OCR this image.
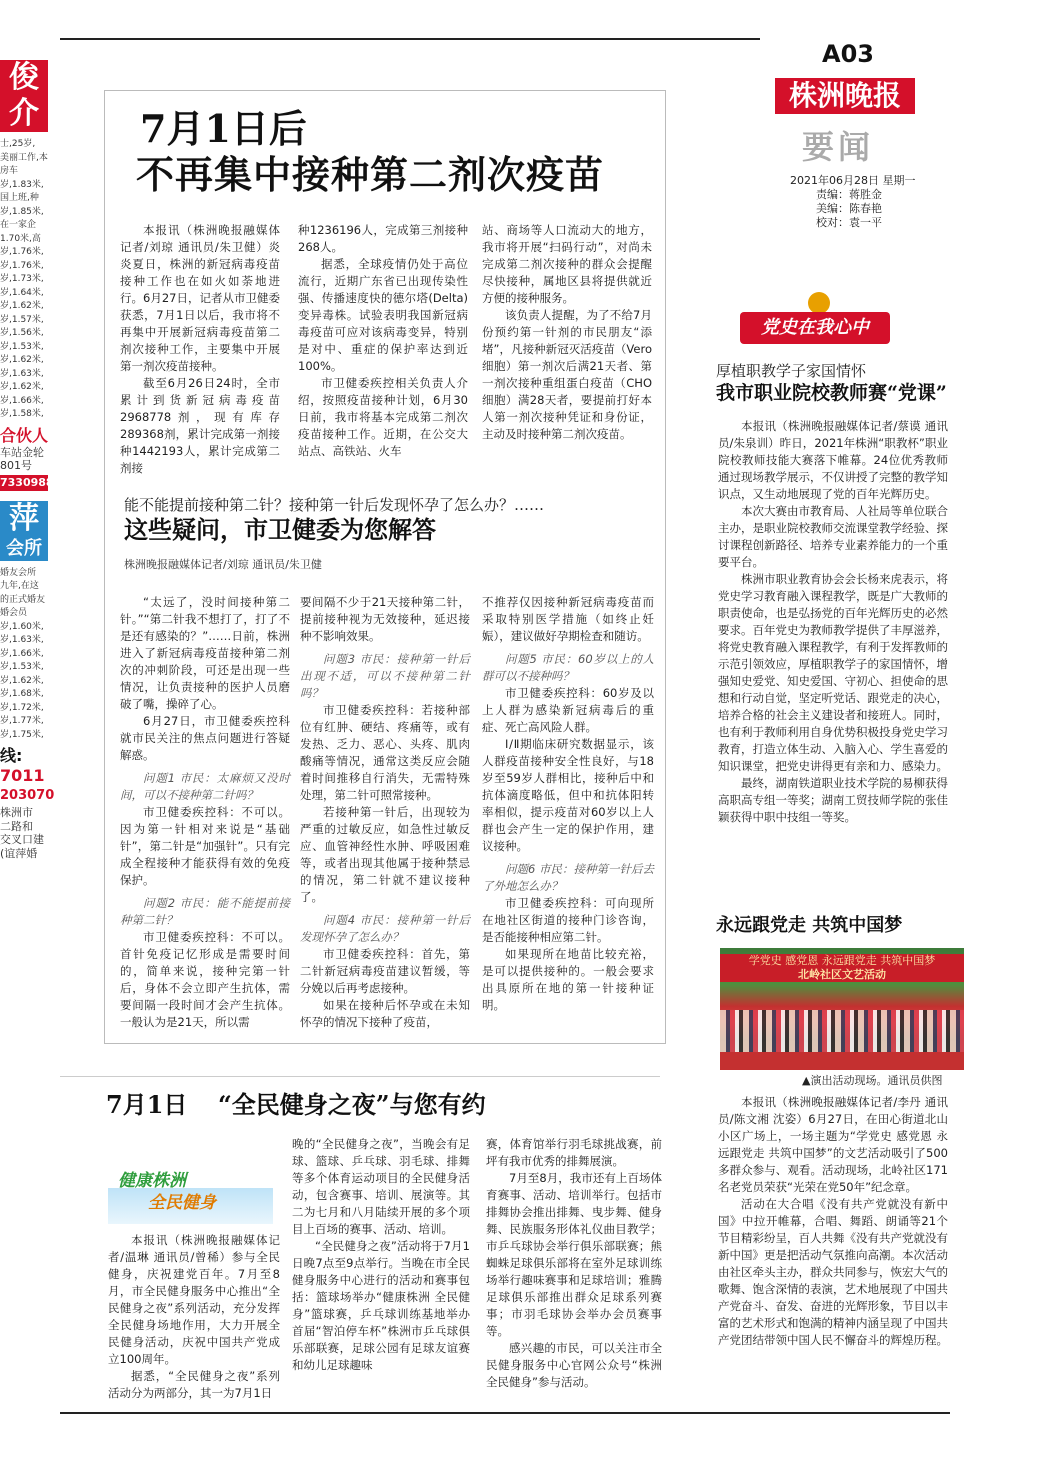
俊
介
士,25岁,
美丽工作,本
房车
岁,1.83米,
国上班,种
岁,1.85米,
在一家企
1.70米,高
岁,1.76米,
岁,1.76米,
岁,1.73米,
岁,1.64米,
岁,1.62米,
岁,1.57米,
岁,1.56米,
岁,1.53米,
岁,1.62米,
岁,1.63米,
岁,1.62米,
岁,1.66米,
岁,1.58米,
合伙人
车站金轮
801号
73309882
萍
会所
婚友会所
九年,在这
的正式婚友
婚会员
岁,1.60米,
岁,1.63米,
岁,1.66米,
岁,1.53米,
岁,1.62米,
岁,1.68米,
岁,1.72米,
岁,1.77米,
岁,1.75米,
线:
7011
203070
株洲市
二路和
交叉口建
(谊萍婚
A03
株洲晚报
要闻
2021年06月28日 星期一
责编：蒋胜金
美编：陈春艳
校对：袁一平
7月1日后
不再集中接种第二剂次疫苗

本报讯（株洲晚报融媒体记者/刘琼 通讯员/朱卫健）炎炎夏日，株洲的新冠病毒疫苗接种工作也在如火如荼地进行。6月27日，记者从市卫健委获悉，7月1日以后，我市将不再集中开展新冠病毒疫苗第二剂次接种工作，主要集中开展第一剂次疫苗接种。

截至6月26日24时，全市累计到货新冠病毒疫苗2968778剂，现有库存289368剂，累计完成第一剂接种1442193人，累计完成第二剂接

种1236196人，完成第三剂接种268人。

据悉，全球疫情仍处于高位流行，近期广东省已出现传染性强、传播速度快的德尔塔(Delta)变异毒株。试验表明我国新冠病毒疫苗可应对该病毒变异，特别是对中、重症的保护率达到近100%。

市卫健委疾控相关负责人介绍，按照疫苗接种计划，6月30日前，我市将基本完成第二剂次疫苗接种工作。近期，在公交大站点、高铁站、火车

站、商场等人口流动大的地方，我市将开展“扫码行动”，对尚未完成第二剂次接种的群众会提醒尽快接种，属地区县将提供就近方便的接种服务。

该负责人提醒，为了不给7月份预约第一针剂的市民朋友“添堵”，凡接种新冠灭活疫苗（Vero细胞）第一剂次后满21天者、第一剂次接种重组蛋白疫苗（CHO细胞）满28天者，要提前打好本人第一剂次接种凭证和身份证，主动及时接种第二剂次疫苗。

能不能提前接种第二针？接种第一针后发现怀孕了怎么办？……
这些疑问，市卫健委为您解答
株洲晚报融媒体记者/刘琼 通讯员/朱卫健

“太远了，没时间接种第二针。”“第二针我不想打了，打了不是还有感染的？”……日前，株洲进入了新冠病毒疫苗接种第二剂次的冲刺阶段，可还是出现一些情况，让负责接种的医护人员磨破了嘴，操碎了心。

6月27日，市卫健委疾控科就市民关注的焦点问题进行答疑解惑。

问题1 市民：太麻烦又没时间，可以不接种第二针吗？

市卫健委疾控科：不可以。因为第一针相对来说是“基础针”，第二针是“加强针”。只有完成全程接种才能获得有效的免疫保护。

问题2 市民：能不能提前接种第二针？

市卫健委疾控科：不可以。首针免疫记忆形成是需要时间的，简单来说，接种完第一针后，身体不会立即产生抗体，需要间隔一段时间才会产生抗体。一般认为是21天，所以需

要间隔不少于21天接种第二针，提前接种视为无效接种，延迟接种不影响效果。

问题3 市民：接种第一针后出现不适，可以不接种第二针吗？

市卫健委疾控科：若接种部位有红肿、硬结、疼痛等，或有发热、乏力、恶心、头疼、肌肉酸痛等情况，通常这类反应会随着时间推移自行消失，无需特殊处理，第二针可照常接种。

若接种第一针后，出现较为严重的过敏反应，如急性过敏反应、血管神经性水肿、呼吸困难等，或者出现其他属于接种禁忌的情况，第二针就不建议接种了。

问题4 市民：接种第一针后发现怀孕了怎么办？

市卫健委疾控科：首先，第二针新冠病毒疫苗建议暂缓，等分娩以后再考虑接种。

如果在接种后怀孕或在未知怀孕的情况下接种了疫苗，

不推荐仅因接种新冠病毒疫苗而采取特别医学措施（如终止妊娠），建议做好孕期检查和随访。

问题5 市民：60岁以上的人群可以不接种吗？

市卫健委疾控科：60岁及以上人群为感染新冠病毒后的重症、死亡高风险人群。

Ⅰ/Ⅱ期临床研究数据显示，该人群疫苗接种安全性良好，与18岁至59岁人群相比，接种后中和抗体滴度略低，但中和抗体阳转率相似，提示疫苗对60岁以上人群也会产生一定的保护作用，建议接种。

问题6 市民：接种第一针后去了外地怎么办？

市卫健委疾控科：可向现所在地社区街道的接种门诊咨询，是否能接种相应第二针。

如果现所在地苗比较充裕，是可以提供接种的。一般会要求出具原所在地的第一针接种证明。

党史在我心中
厚植职教学子家国情怀
我市职业院校教师赛“党课”

本报讯（株洲晚报融媒体记者/蔡谟 通讯员/朱泉训）昨日，2021年株洲“职教杯”职业院校教师技能大赛落下帷幕。24位优秀教师通过现场教学展示，不仅讲授了完整的教学知识点，又生动地展现了党的百年光辉历史。

本次大赛由市教育局、人社局等单位联合主办，是职业院校教师交流课堂教学经验、探讨课程创新路径、培养专业素养能力的一个重要平台。

株洲市职业教育协会会长杨来虎表示，将党史学习教育融入课程教学，既是广大教师的职责使命，也是弘扬党的百年光辉历史的必然要求。百年党史为教师教学提供了丰厚滋养，将党史教育融入课程教学，有利于发挥教师的示范引领效应，厚植职教学子的家国情怀，增强知史爱党、知史爱国、守初心、担使命的思想和行动自觉，坚定听党话、跟党走的决心，培养合格的社会主义建设者和接班人。同时，也有利于教师利用自身优势积极投身党史学习教育，打造立体生动、入脑入心、学生喜爱的知识课堂，把党史讲得更有亲和力、感染力。

最终，湖南铁道职业技术学院的易柳获得高职高专组一等奖；湖南工贸技师学院的张佳颖获得中职中技组一等奖。

永远跟党走 共筑中国梦
学党史 感党恩 永远跟党走 共筑中国梦
北岭社区文艺活动
▲演出活动现场。通讯员供图

本报讯（株洲晚报融媒体记者/李丹 通讯员/陈文湘 沈姿）6月27日，在田心街道北山小区广场上，一场主题为“学党史 感党恩 永远跟党走 共筑中国梦”的文艺活动吸引了500多群众参与、观看。活动现场，北岭社区171名老党员荣获“光荣在党50年”纪念章。

活动在大合唱《没有共产党就没有新中国》中拉开帷幕，合唱、舞蹈、朗诵等21个节目精彩纷呈，百人共舞《没有共产党就没有新中国》更是把活动气氛推向高潮。本次活动由社区牵头主办，群众共同参与，恢宏大气的歌舞、饱含深情的表演，艺术地展现了中国共产党奋斗、奋发、奋进的光辉形象，节目以丰富的艺术形式和饱满的精神内涵呈现了中国共产党团结带领中国人民不懈奋斗的辉煌历程。

7月1日 “全民健身之夜”与您有约
健康株洲
全民健身

本报讯（株洲晚报融媒体记者/温琳 通讯员/曾稀）参与全民健身，庆祝建党百年。7月至8月，市全民健身服务中心推出“全民健身之夜”系列活动，充分发挥全民健身场地作用，大力开展全民健身活动，庆祝中国共产党成立100周年。

据悉，“全民健身之夜”系列活动分为两部分，其一为7月1日

晚的“全民健身之夜”，当晚会有足球、篮球、乒乓球、羽毛球、排舞等多个体育运动项目的全民健身活动，包含赛事、培训、展演等。其二为七月和八月陆续开展的多个项目上百场的赛事、活动、培训。

“全民健身之夜”活动将于7月1日晚7点至9点举行。当晚在市全民健身服务中心进行的活动和赛事包括：篮球场举办“健康株洲 全民健身”篮球赛，乒乓球训练基地举办首届“智泊停车杯”株洲市乒乓球俱乐部联赛，足球公园有足球友谊赛和幼儿足球趣味

赛，体育馆举行羽毛球挑战赛，前坪有我市优秀的排舞展演。

7月至8月，我市还有上百场体育赛事、活动、培训举行。包括市排舞协会推出排舞、曳步舞、健身舞、民族服务形体礼仪曲目教学；市乒乓球协会举行俱乐部联赛；熊蜘蛛足球俱乐部将在室外足球训练场举行趣味赛事和足球培训；雅腾足球俱乐部推出群众足球系列赛事；市羽毛球协会举办会员赛事等。

感兴趣的市民，可以关注市全民健身服务中心官网公众号“株洲全民健身”参与活动。
